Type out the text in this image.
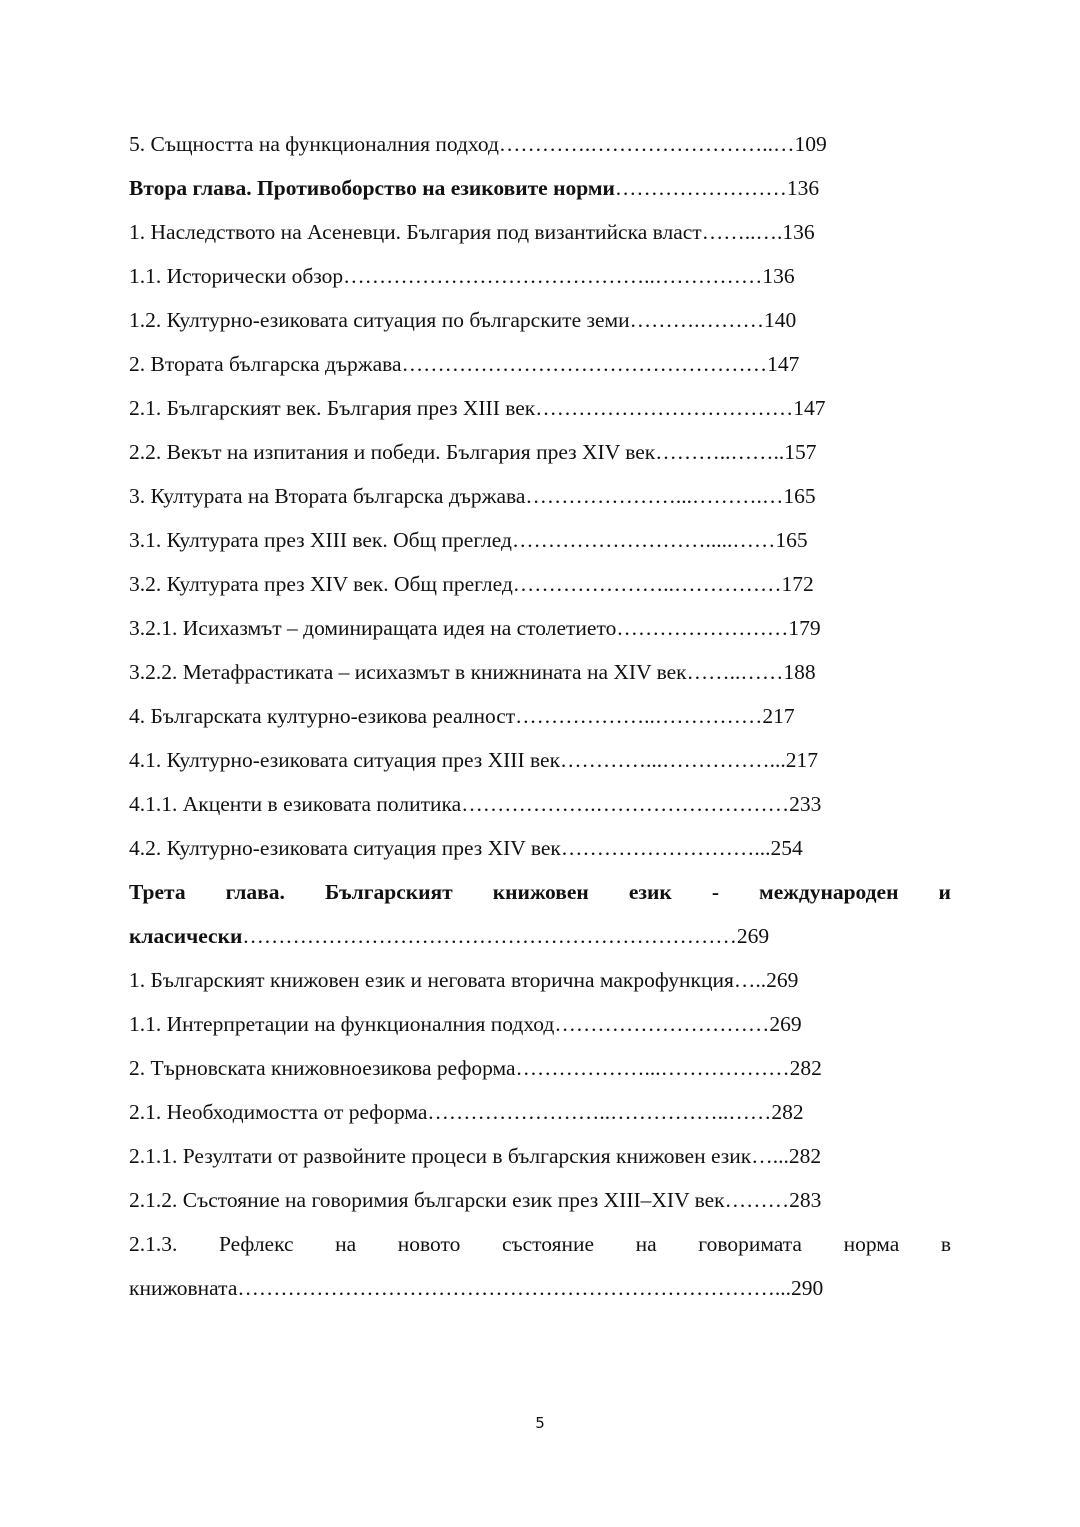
5. Същността на функционалния подход………….……………………..…109
Втора глава. Противоборство на езиковите норми……………………136
1. Наследството на Асеневци. България под византийска власт……..….136
1.1. Исторически обзор……………………………………..……………136
1.2. Културно-езиковата ситуация по българските земи……….………140
2. Втората българска държава……………………………………………147
2.1. Българският век. България през XIII век………………………………147
2.2. Векът на изпитания и победи. България през XIV век………..……..157
3. Културата на Втората българска държава…………………...……….…165
3.1. Културата през XIII век. Общ преглед……………………….....……165
3.2. Културата през XIV век. Общ преглед…………………..……………172
3.2.1. Исихазмът – доминиращата идея на столетието……………………179
3.2.2. Метафрастиката – исихазмът в книжнината на XIV век……..……188
4. Българската културно-езикова реалност………………..……………217
4.1. Културно-езиковата ситуация през XIII век…………...……………...217
4.1.1. Акценти в езиковата политика……………….………………………233
4.2. Културно-езиковата ситуация през XIV век………………………...254
Трета глава. Българският книжовен език - международен и
класически……………………………………………………………269
1. Българският книжовен език и неговата вторична макрофункция…..269
1.1. Интерпретации на функционалния подход…………………………269
2. Търновската книжовноезикова реформа………………...………………282
2.1. Необходимостта от реформа……………………..……………..……282
2.1.1. Резултати от развойните процеси в българския книжовен език…...282
2.1.2. Състояние на говоримия български език през XIII–XIV век………283
2.1.3. Рефлекс на новото състояние на говоримата норма в
книжовната…………………………………………………………………...290
5
